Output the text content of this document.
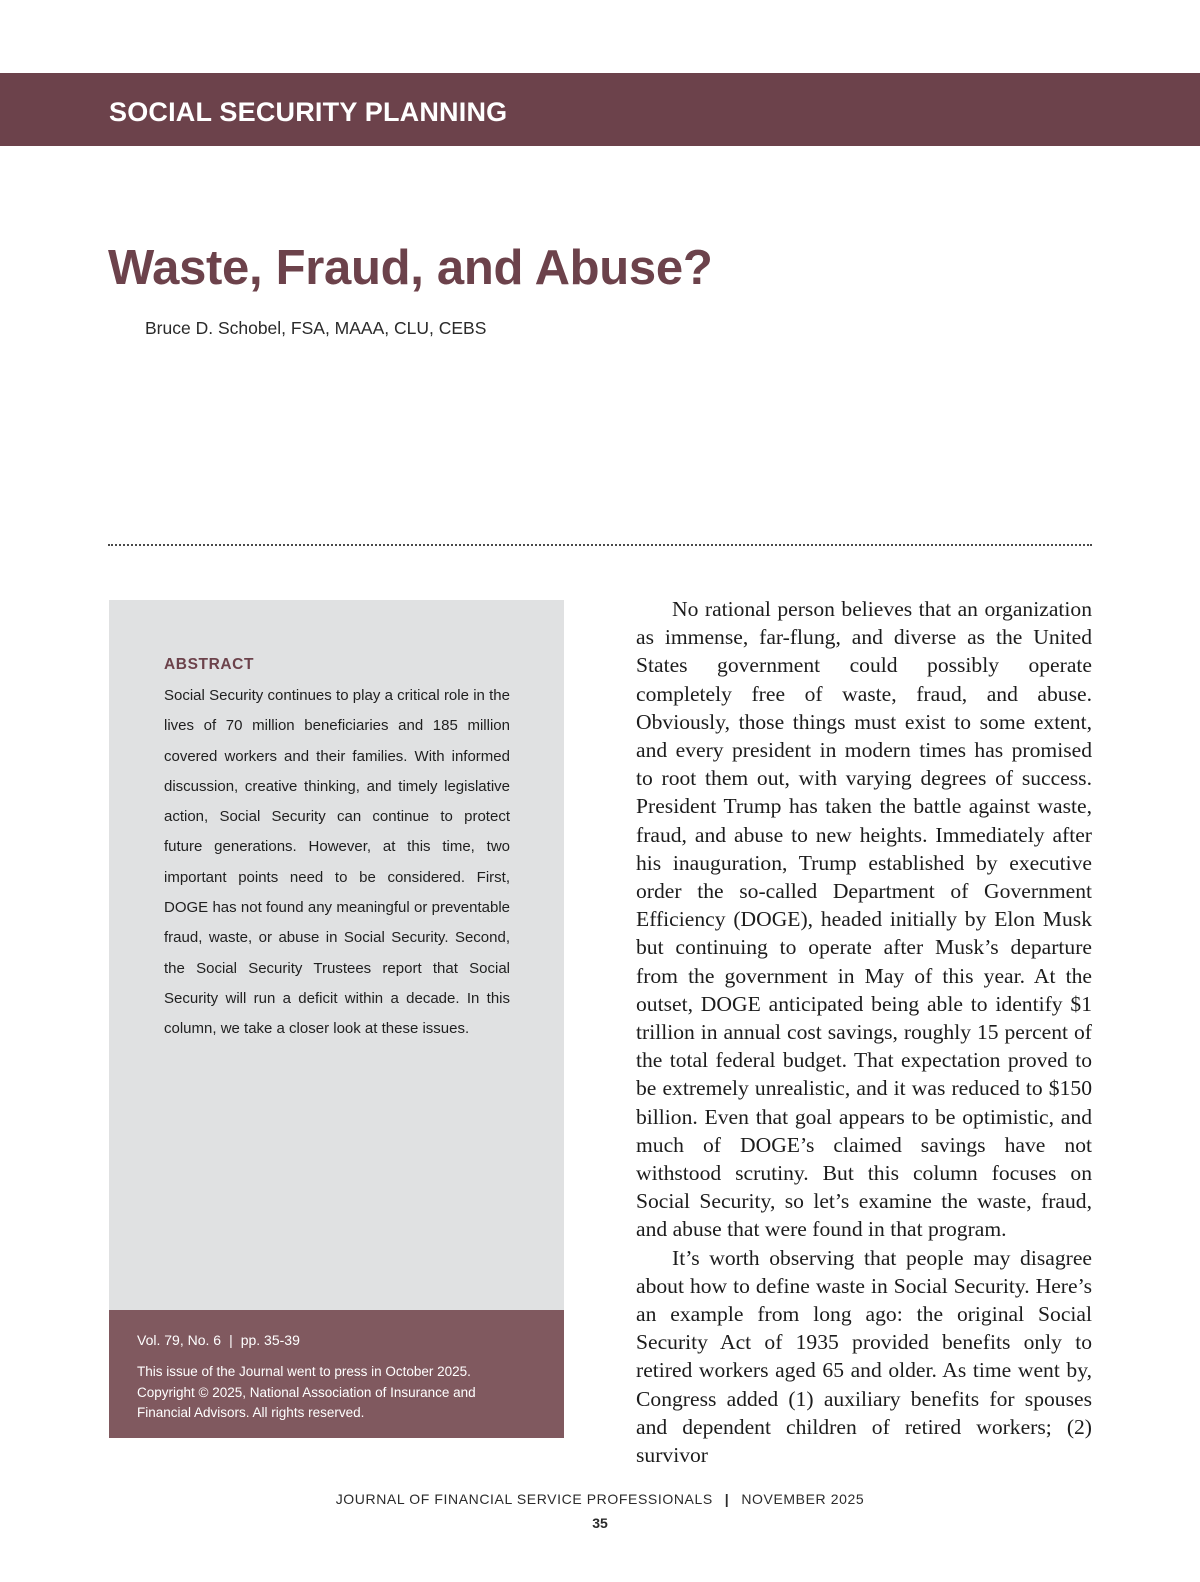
SOCIAL SECURITY PLANNING
Waste, Fraud, and Abuse?
Bruce D. Schobel, FSA, MAAA, CLU, CEBS
ABSTRACT

Social Security continues to play a critical role in the lives of 70 million beneficiaries and 185 million covered workers and their families. With informed discussion, creative thinking, and timely legislative action, Social Security can continue to protect future generations. However, at this time, two important points need to be considered. First, DOGE has not found any meaningful or preventable fraud, waste, or abuse in Social Security. Second, the Social Security Trustees report that Social Security will run a deficit within a decade. In this column, we take a closer look at these issues.

Vol. 79, No. 6 | pp. 35-39

This issue of the Journal went to press in October 2025. Copyright © 2025, National Association of Insurance and Financial Advisors. All rights reserved.

No rational person believes that an organization as immense, far-flung, and diverse as the United States government could possibly operate completely free of waste, fraud, and abuse. Obviously, those things must exist to some extent, and every president in modern times has promised to root them out, with varying degrees of success. President Trump has taken the battle against waste, fraud, and abuse to new heights. Immediately after his inauguration, Trump established by executive order the so-called Department of Government Efficiency (DOGE), headed initially by Elon Musk but continuing to operate after Musk’s departure from the government in May of this year. At the outset, DOGE anticipated being able to identify $1 trillion in annual cost savings, roughly 15 percent of the total federal budget. That expectation proved to be extremely unrealistic, and it was reduced to $150 billion. Even that goal appears to be optimistic, and much of DOGE’s claimed savings have not withstood scrutiny. But this column focuses on Social Security, so let’s examine the waste, fraud, and abuse that were found in that program.

It’s worth observing that people may disagree about how to define waste in Social Security. Here’s an example from long ago: the original Social Security Act of 1935 provided benefits only to retired workers aged 65 and older. As time went by, Congress added (1) auxiliary benefits for spouses and dependent children of retired workers; (2) survivor

JOURNAL OF FINANCIAL SERVICE PROFESSIONALS | NOVEMBER 2025
35
